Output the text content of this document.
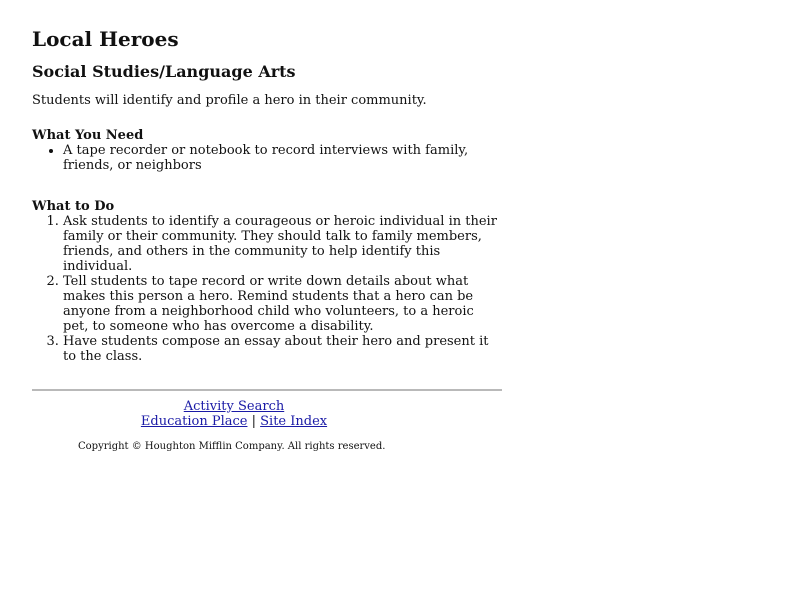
Local Heroes
Social Studies/Language Arts

Students will identify and profile a hero in their community.

What You Need
• A tape recorder or notebook to record interviews with family, friends, or neighbors
What to Do
1. Ask students to identify a courageous or heroic individual in their family or their community. They should talk to family members, friends, and others in the community to help identify this individual.
2. Tell students to tape record or write down details about what makes this person a hero. Remind students that a hero can be anyone from a neighborhood child who volunteers, to a heroic pet, to someone who has overcome a disability.
3. Have students compose an essay about their hero and present it to the class.
Activity Search
Education Place | Site Index
Copyright © Houghton Mifflin Company. All rights reserved.
